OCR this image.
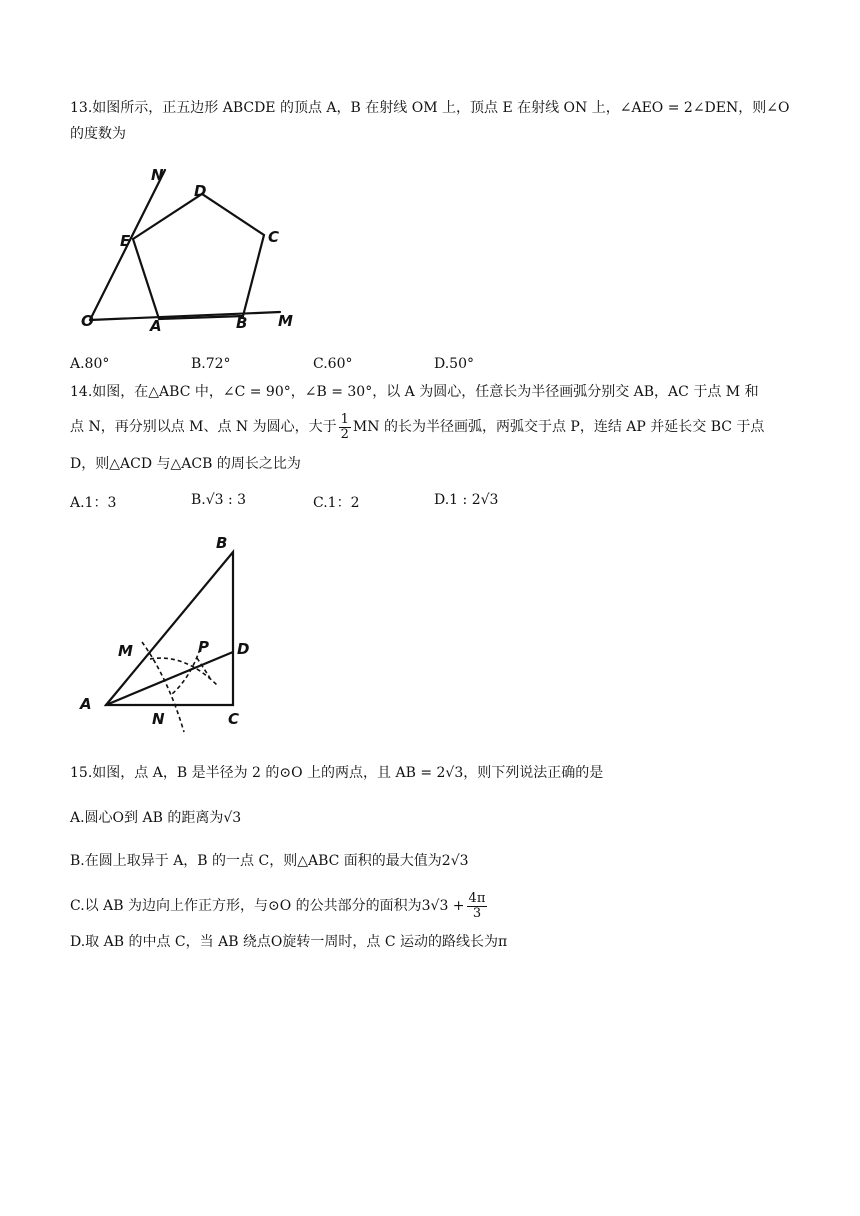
13.如图所示，正五边形 ABCDE 的顶点 A，B 在射线 OM 上，顶点 E 在射线 ON 上，∠AEO = 2∠DEN，则∠O
的度数为
N
D
E	C
O	A	B M
A.80°	B.72°	C.60°	D.50°
14.如图，在△ABC 中，∠C = 90°，∠B = 30°，以 A 为圆心，任意长为半径画弧分别交 AB，AC 于点 M 和
点 N，再分别以点 M、点 N 为圆心，大于 $\frac{1}{2}$ MN 的长为半径画弧，两弧交于点 P，连结 AP 并延长交 BC 于点
D，则△ACD 与△ACB 的周长之比为
A.1：3	B.√3 : 3	C.1：2	D.1 : 2√3
B
M	P D
A
N	C
15.如图，点 A，B 是半径为 2 的⊙O 上的两点，且 AB = 2√3，则下列说法正确的是
A.圆心O到 AB 的距离为√3
B.在圆上取异于 A，B 的一点 C，则△ABC 面积的最大值为2√3
C.以 AB 为边向上作正方形，与⊙O 的公共部分的面积为$3√3 + \frac{4\pi}{3}$
D.取 AB 的中点 C，当 AB 绕点O旋转一周时，点 C 运动的路线长为π
